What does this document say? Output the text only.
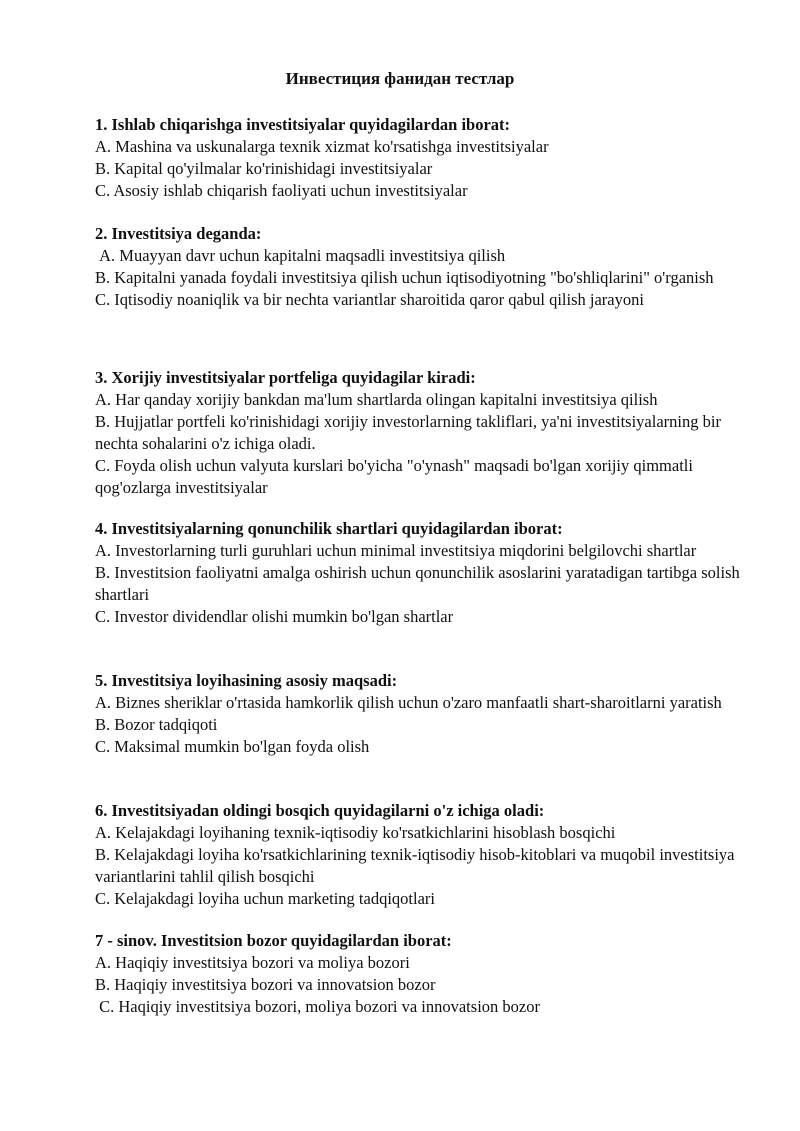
Инвестиция фанидан тестлар

1. Ishlab chiqarishga investitsiyalar quyidagilardan iborat:

A. Mashina va uskunalarga texnik xizmat ko'rsatishga investitsiyalar

B. Kapital qo'yilmalar ko'rinishidagi investitsiyalar

C. Asosiy ishlab chiqarish faoliyati uchun investitsiyalar

2. Investitsiya deganda:

A. Muayyan davr uchun kapitalni maqsadli investitsiya qilish

B. Kapitalni yanada foydali investitsiya qilish uchun iqtisodiyotning "bo'shliqlarini" o'rganish

C. Iqtisodiy noaniqlik va bir nechta variantlar sharoitida qaror qabul qilish jarayoni

3. Xorijiy investitsiyalar portfeliga quyidagilar kiradi:

A. Har qanday xorijiy bankdan ma'lum shartlarda olingan kapitalni investitsiya qilish

B. Hujjatlar portfeli ko'rinishidagi xorijiy investorlarning takliflari, ya'ni investitsiyalarning bir nechta sohalarini o'z ichiga oladi.

C. Foyda olish uchun valyuta kurslari bo'yicha "o'ynash" maqsadi bo'lgan xorijiy qimmatli qog'ozlarga investitsiyalar

4. Investitsiyalarning qonunchilik shartlari quyidagilardan iborat:

A. Investorlarning turli guruhlari uchun minimal investitsiya miqdorini belgilovchi shartlar

B. Investitsion faoliyatni amalga oshirish uchun qonunchilik asoslarini yaratadigan tartibga solish shartlari

C. Investor dividendlar olishi mumkin bo'lgan shartlar

5. Investitsiya loyihasining asosiy maqsadi:

A. Biznes sheriklar o'rtasida hamkorlik qilish uchun o'zaro manfaatli shart-sharoitlarni yaratish

B. Bozor tadqiqoti

C. Maksimal mumkin bo'lgan foyda olish

6. Investitsiyadan oldingi bosqich quyidagilarni o'z ichiga oladi:

A. Kelajakdagi loyihaning texnik-iqtisodiy ko'rsatkichlarini hisoblash bosqichi

B. Kelajakdagi loyiha ko'rsatkichlarining texnik-iqtisodiy hisob-kitoblari va muqobil investitsiya variantlarini tahlil qilish bosqichi

C. Kelajakdagi loyiha uchun marketing tadqiqotlari

7 - sinov. Investitsion bozor quyidagilardan iborat:

A. Haqiqiy investitsiya bozori va moliya bozori

B. Haqiqiy investitsiya bozori va innovatsion bozor

C. Haqiqiy investitsiya bozori, moliya bozori va innovatsion bozor
